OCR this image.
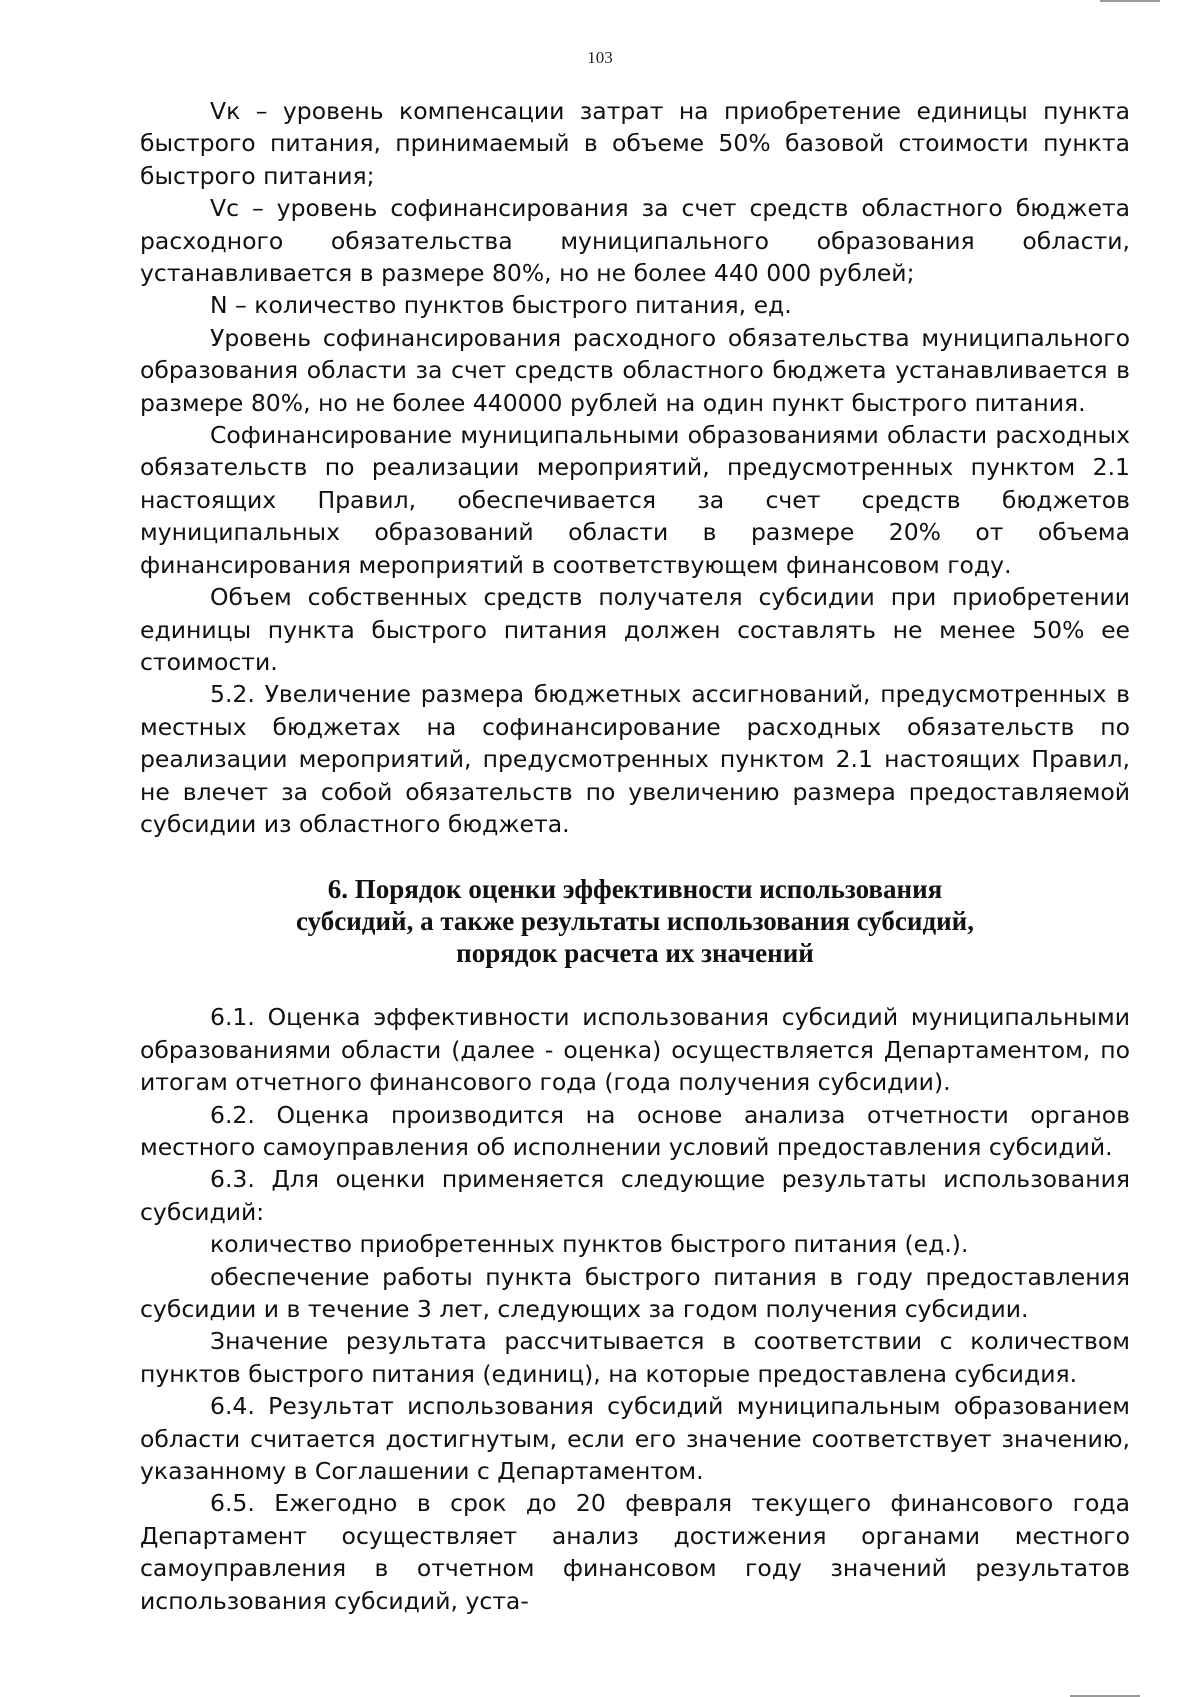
103

Vк – уровень компенсации затрат на приобретение единицы пункта быстрого питания, принимаемый в объеме 50% базовой стоимости пункта быстрого питания;

Vс – уровень софинансирования за счет средств областного бюджета расходного обязательства муниципального образования области, устанавливается в размере 80%, но не более 440 000 рублей;

N – количество пунктов быстрого питания, ед.

Уровень софинансирования расходного обязательства муниципального образования области за счет средств областного бюджета устанавливается в размере 80%, но не более 440000 рублей на один пункт быстрого питания.

Софинансирование муниципальными образованиями области расходных обязательств по реализации мероприятий, предусмотренных пунктом 2.1 настоящих Правил, обеспечивается за счет средств бюджетов муниципальных образований области в размере 20% от объема финансирования мероприятий в соответствующем финансовом году.

Объем собственных средств получателя субсидии при приобретении единицы пункта быстрого питания должен составлять не менее 50% ее стоимости.

5.2. Увеличение размера бюджетных ассигнований, предусмотренных в местных бюджетах на софинансирование расходных обязательств по реализации мероприятий, предусмотренных пунктом 2.1 настоящих Правил, не влечет за собой обязательств по увеличению размера предоставляемой субсидии из областного бюджета.

6. Порядок оценки эффективности использования
субсидий, а также результаты использования субсидий,
порядок расчета их значений

6.1. Оценка эффективности использования субсидий муниципальными образованиями области (далее - оценка) осуществляется Департаментом, по итогам отчетного финансового года (года получения субсидии).

6.2. Оценка производится на основе анализа отчетности органов местного самоуправления об исполнении условий предоставления субсидий.

6.3. Для оценки применяется следующие результаты использования субсидий:

количество приобретенных пунктов быстрого питания (ед.).

обеспечение работы пункта быстрого питания в году предоставления субсидии и в течение 3 лет, следующих за годом получения субсидии.

Значение результата рассчитывается в соответствии с количеством пунктов быстрого питания (единиц), на которые предоставлена субсидия.

6.4. Результат использования субсидий муниципальным образованием области считается достигнутым, если его значение соответствует значению, указанному в Соглашении с Департаментом.

6.5. Ежегодно в срок до 20 февраля текущего финансового года Департамент осуществляет анализ достижения органами местного самоуправления в отчетном финансовом году значений результатов использования субсидий, уста-
